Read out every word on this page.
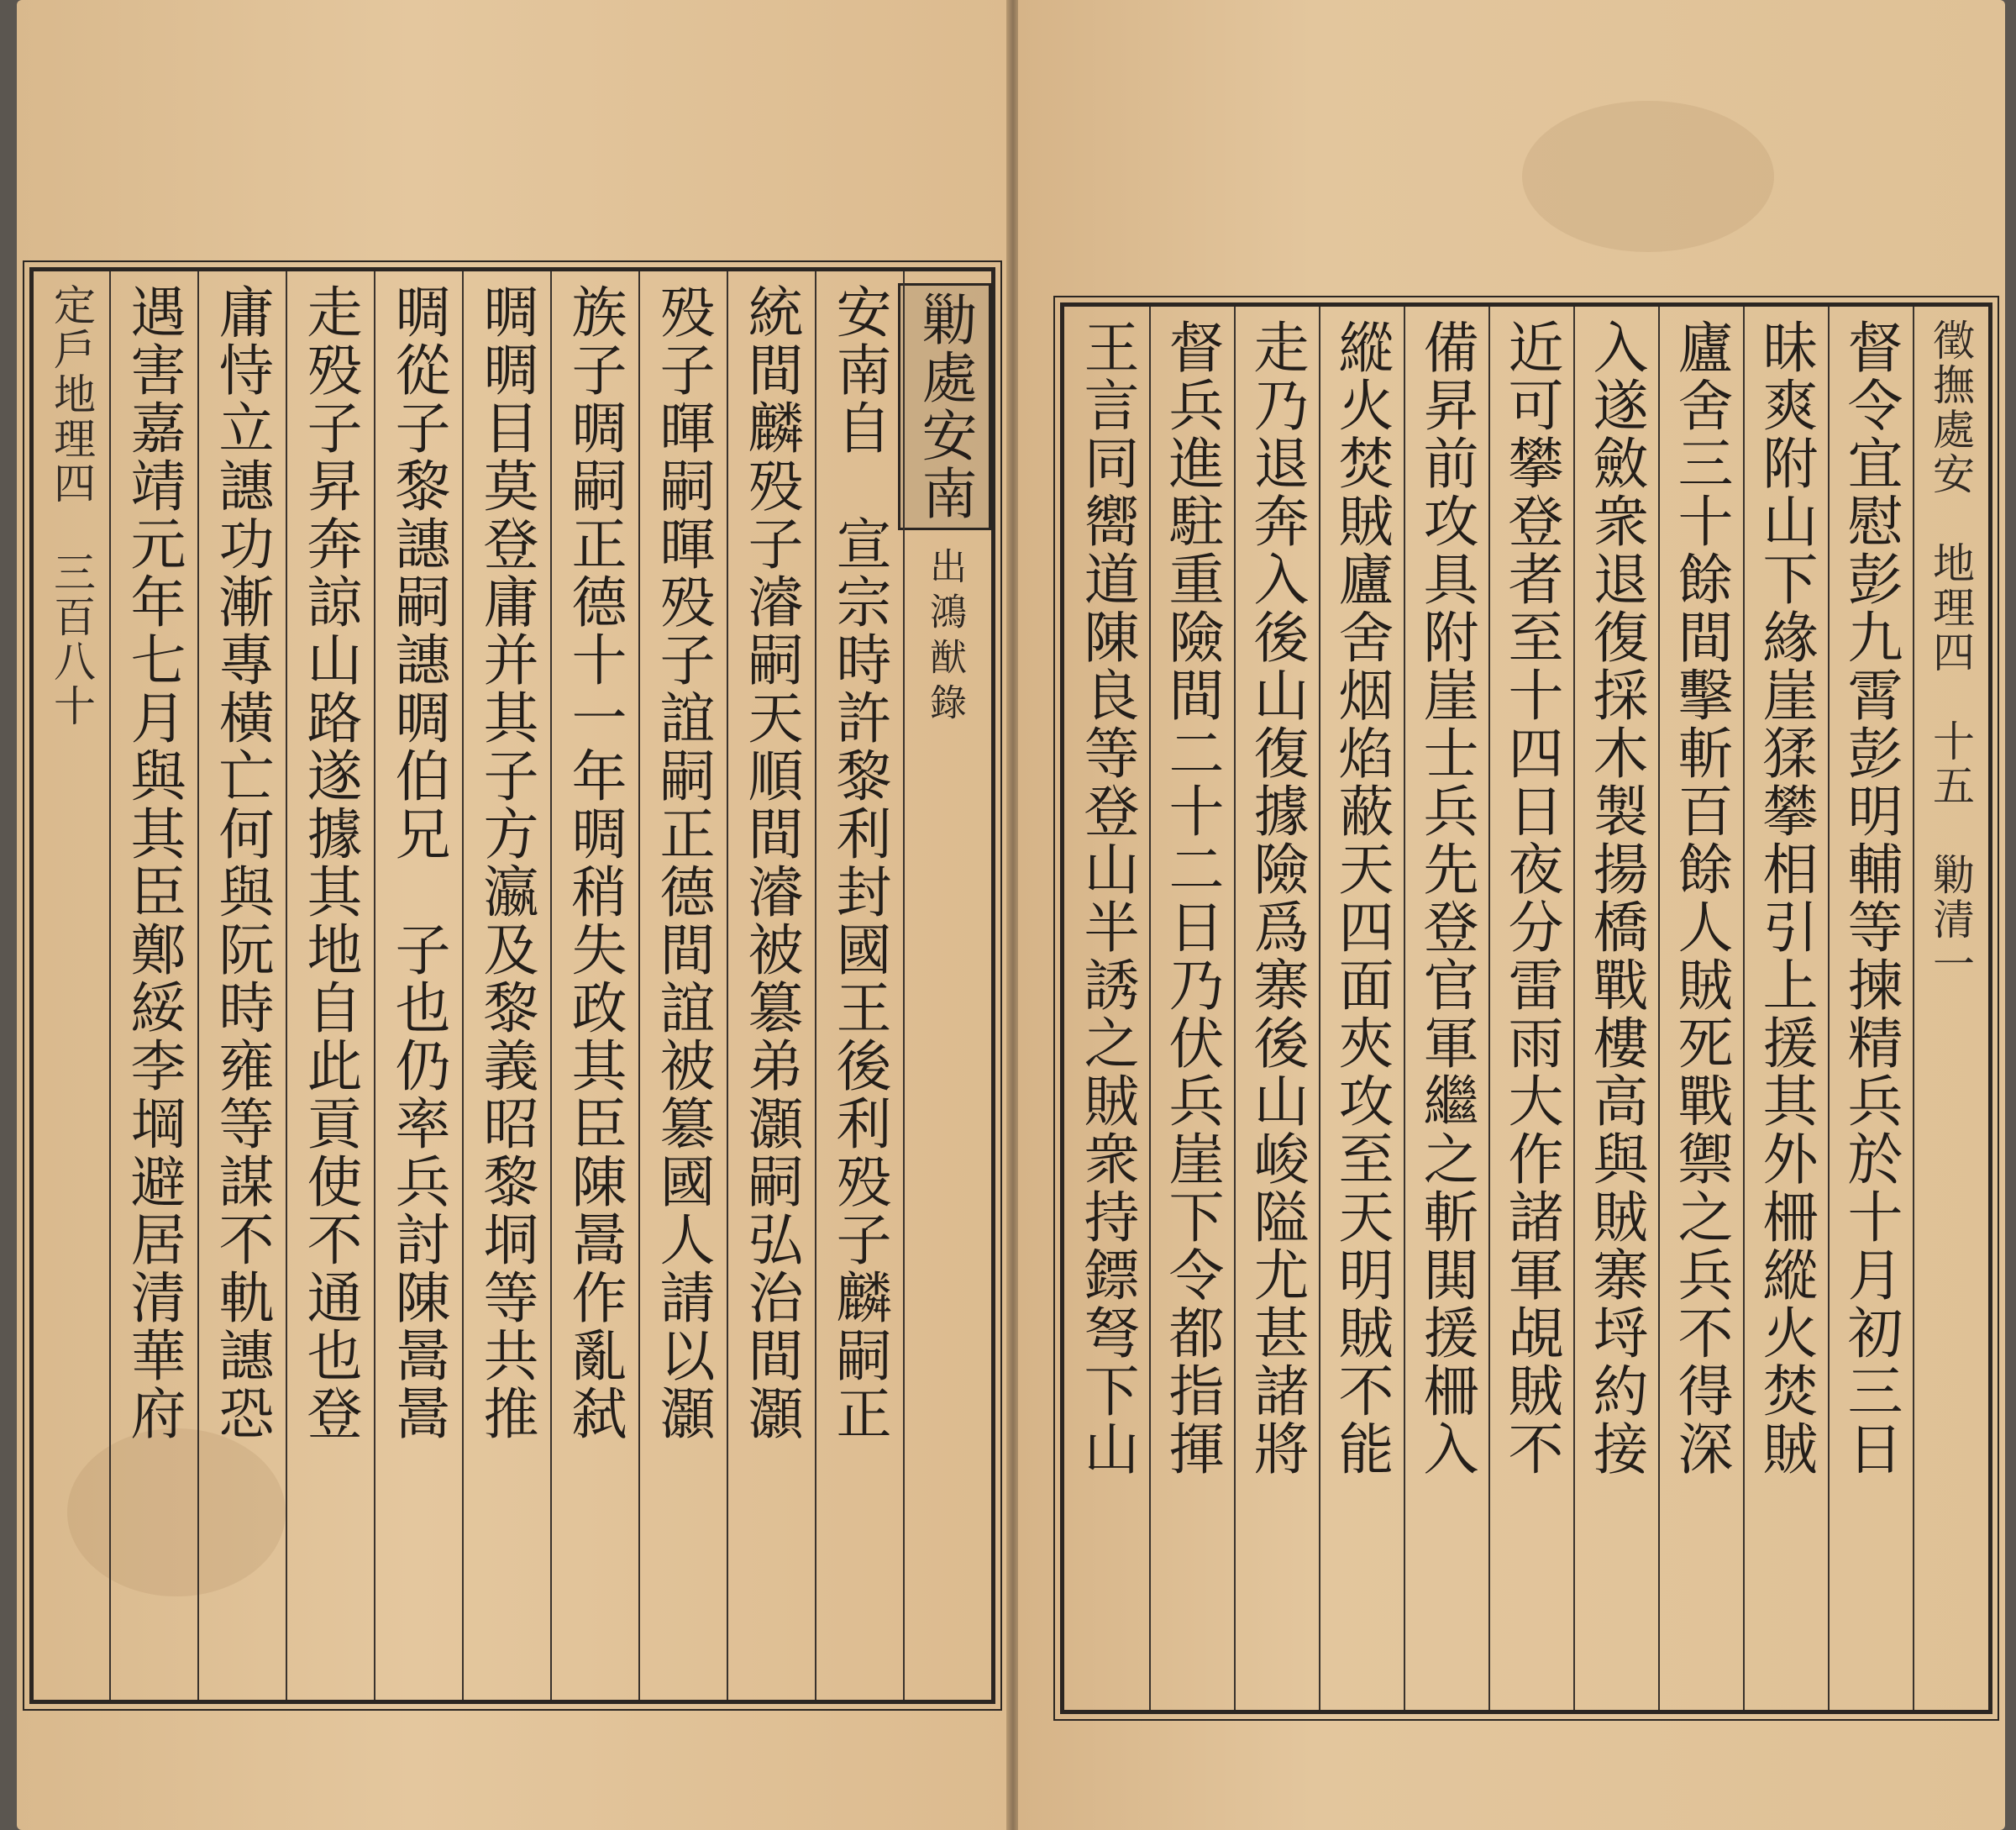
定戶地理四　三百八十	勦處安南出鴻猷錄
安南自　宣宗時許黎利封國王後利殁子麟嗣正
統間麟殁子濬嗣天順間濬被簒弟灝嗣弘治間灝
殁子暉嗣暉殁子誼嗣正德間誼被簒國人請以灝
族子晭嗣正德十一年晭稍失政其臣陳暠作亂弑
晭晭目莫登庸并其子方瀛及黎義昭黎垌等共推
晭從子黎譓嗣譓晭伯兄　子也仍率兵討陳暠暠
走殁子昇奔諒山路遂據其地自此貢使不通也登
庸恃立譓功漸專橫亡何與阮時雍等謀不軌譓恐
遇害嘉靖元年七月與其臣鄭綏李堈避居清華府	徵撫處安　地理四　十五　勦清一
督令宜慰彭九霄彭明輔等揀精兵於十月初三日
昧爽附山下緣崖猱攀相引上援其外柵縱火焚賊
廬舍三十餘間擊斬百餘人賊死戰禦之兵不得深
入遂斂衆退復採木製揚橋戰樓高與賊寨埒約接
近可攀登者至十四日夜分雷雨大作諸軍覘賊不
備昇前攻具附崖士兵先登官軍繼之斬閧援柵入
縱火焚賊廬舍烟焰蔽天四面夾攻至天明賊不能
走乃退奔入後山復據險爲寨後山峻隘尤甚諸將
督兵進駐重險間二十二日乃伏兵崖下令都指揮
王言同嚮道陳良等登山半誘之賊衆持鏢弩下山
